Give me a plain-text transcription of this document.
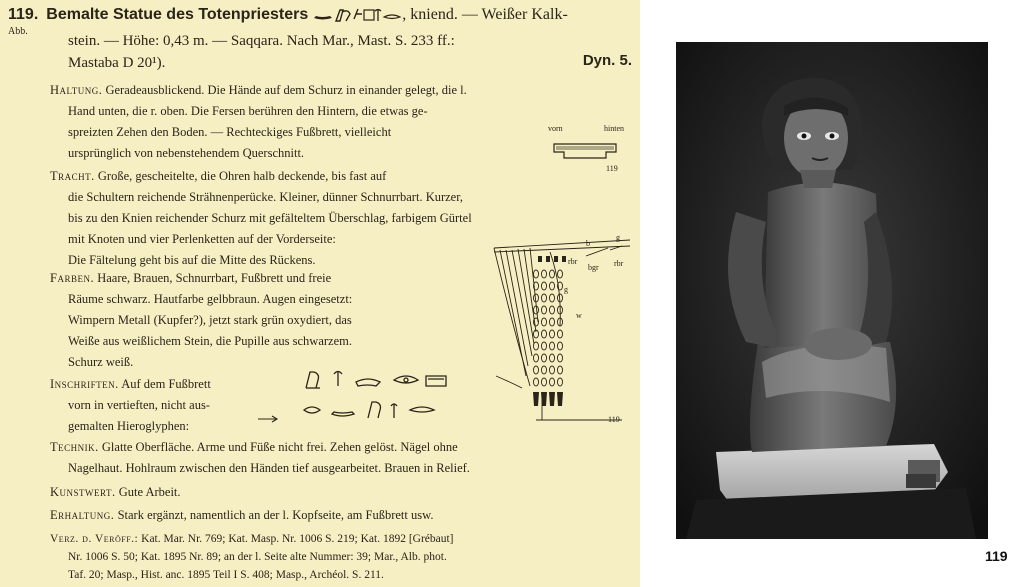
119. Bemalte Statue des Totenpriesters	, kniend. — Weißer Kalk-
Abb.
stein. — Höhe: 0,43 m. — Saqqara. Nach Mar., Mast. S. 233 ff.:
Mastaba D 20¹).	Dyn. 5.
Haltung. Geradeausblickend. Die Hände auf dem Schurz in einander gelegt, die l.
Hand unten, die r. oben. Die Fersen berühren den Hintern, die etwas ge-
spreizten Zehen den Boden. — Rechteckiges Fußbrett, vielleicht
ursprünglich von nebenstehendem Querschnitt.
vorn	hinten
119
Tracht. Große, gescheitelte, die Ohren halb deckende, bis fast auf
die Schultern reichende Strähnenperücke. Kleiner, dünner Schnurrbart. Kurzer,
bis zu den Knien reichender Schurz mit gefälteltem Überschlag, farbigem Gürtel
mit Knoten und vier Perlenketten auf der Vorderseite:
Die Fältelung geht bis auf die Mitte des Rückens.
Farben. Haare, Brauen, Schnurrbart, Fußbrett und freie
Räume schwarz. Hautfarbe gelbbraun. Augen eingesetzt:
Wimpern Metall (Kupfer?), jetzt stark grün oxydiert, das
Weiße aus weißlichem Stein, die Pupille aus schwarzem.
Schurz weiß.
Inschriften. Auf dem Fußbrett
vorn in vertieften, nicht aus-
gemalten Hieroglyphen:
Technik. Glatte Oberfläche. Arme und Füße nicht frei. Zehen gelöst. Nägel ohne
Nagelhaut. Hohlraum zwischen den Händen tief ausgearbeitet. Brauen in Relief.
Kunstwert. Gute Arbeit.
Erhaltung. Stark ergänzt, namentlich an der l. Kopfseite, am Fußbrett usw.
Verz. d. Veröff.: Kat. Mar. Nr. 769; Kat. Masp. Nr. 1006 S. 219; Kat. 1892 [Grébaut]
Nr. 1006 S. 50; Kat. 1895 Nr. 89; an der l. Seite alte Nummer: 39; Mar., Alb. phot.
Taf. 20; Masp., Hist. anc. 1895 Teil I S. 408; Masp., Archéol. S. 211.
b
g
rbr
bgr rbr
g
w
119
119
